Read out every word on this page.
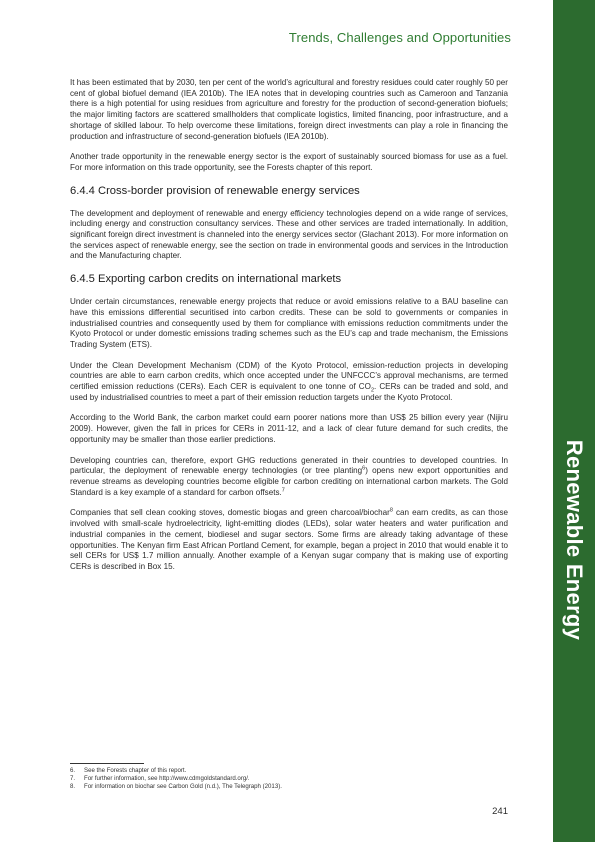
Trends, Challenges and Opportunities
Renewable Energy

It has been estimated that by 2030, ten per cent of the world’s agricultural and forestry residues could cater roughly 50 per cent of global biofuel demand (IEA 2010b). The IEA notes that in developing countries such as Cameroon and Tanzania there is a high potential for using residues from agriculture and forestry for the production of second-generation biofuels; the major limiting factors are scattered smallholders that complicate logistics, limited financing, poor infrastructure, and a shortage of skilled labour. To help overcome these limitations, foreign direct investments can play a role in financing the production and infrastructure of second-generation biofuels (IEA 2010b).

Another trade opportunity in the renewable energy sector is the export of sustainably sourced biomass for use as a fuel. For more information on this trade opportunity, see the Forests chapter of this report.

6.4.4 Cross-border provision of renewable energy services

The development and deployment of renewable and energy efficiency technologies depend on a wide range of services, including energy and construction consultancy services. These and other services are traded internationally. In addition, significant foreign direct investment is channeled into the energy services sector (Glachant 2013). For more information on the services aspect of renewable energy, see the section on trade in environmental goods and services in the Introduction and the Manufacturing chapter.

6.4.5 Exporting carbon credits on international markets

Under certain circumstances, renewable energy projects that reduce or avoid emissions relative to a BAU baseline can have this emissions differential securitised into carbon credits. These can be sold to governments or companies in industrialised countries and consequently used by them for compliance with emissions reduction commitments under the Kyoto Protocol or under domestic emissions trading schemes such as the EU’s cap and trade mechanism, the Emissions Trading System (ETS).

Under the Clean Development Mechanism (CDM) of the Kyoto Protocol, emission-reduction projects in developing countries are able to earn carbon credits, which once accepted under the UNFCCC’s approval mechanisms, are termed certified emission reductions (CERs). Each CER is equivalent to one tonne of $CO_2$. CERs can be traded and sold, and used by industrialised countries to meet a part of their emission reduction targets under the Kyoto Protocol.

According to the World Bank, the carbon market could earn poorer nations more than US$ 25 billion every year (Nijiru 2009). However, given the fall in prices for CERs in 2011-12, and a lack of clear future demand for such credits, the opportunity may be smaller than those earlier predictions.

Developing countries can, therefore, export GHG reductions generated in their countries to developed countries. In particular, the deployment of renewable energy technologies (or tree planting$^6$) opens new export opportunities and revenue streams as developing countries become eligible for carbon crediting on international carbon markets. The Gold Standard is a key example of a standard for carbon offsets.$^7$

Companies that sell clean cooking stoves, domestic biogas and green charcoal/biochar$^8$ can earn credits, as can those involved with small-scale hydroelectricity, light-emitting diodes (LEDs), solar water heaters and water purification and industrial companies in the cement, biodiesel and sugar sectors. Some firms are already taking advantage of these opportunities. The Kenyan firm East African Portland Cement, for example, began a project in 2010 that would enable it to sell CERs for US$ 1.7 million annually. Another example of a Kenyan sugar company that is making use of exporting CERs is described in Box 15.

6.	See the Forests chapter of this report.
7.	For further information, see http://www.cdmgoldstandard.org/.
8.	For information on biochar see Carbon Gold (n.d.), The Telegraph (2013).
241
